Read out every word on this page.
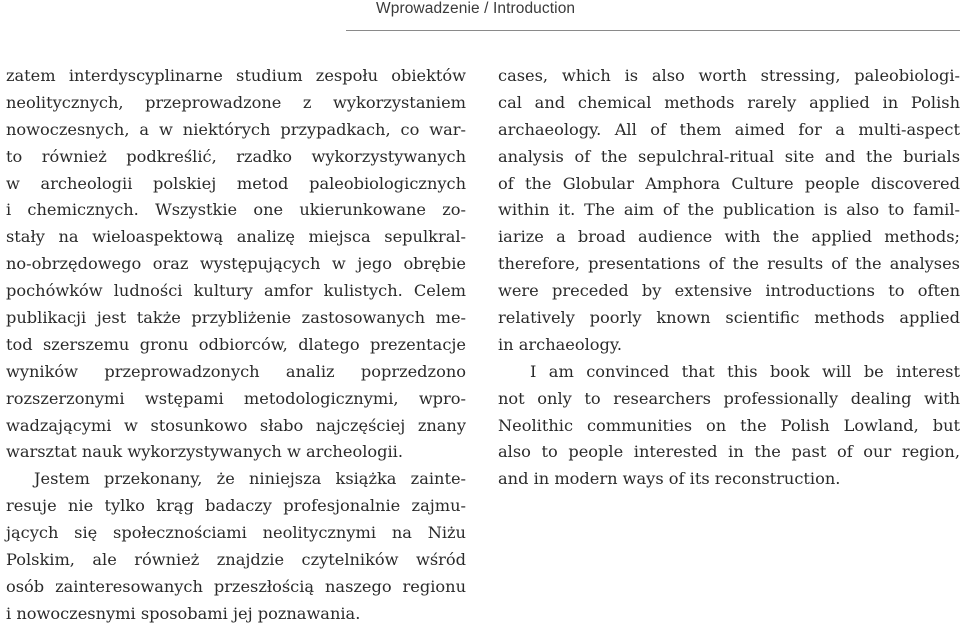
Wprowadzenie / Introduction
zatem interdyscyplinarne studium zespołu obiektów
neolitycznych, przeprowadzone z wykorzystaniem
nowoczesnych, a w niektórych przypadkach, co war-
to również podkreślić, rzadko wykorzystywanych
w archeologii polskiej metod paleobiologicznych
i chemicznych. Wszystkie one ukierunkowane zo-
stały na wieloaspektową analizę miejsca sepulkral-
no-obrzędowego oraz występujących w jego obrębie
pochówków ludności kultury amfor kulistych. Celem
publikacji jest także przybliżenie zastosowanych me-
tod szerszemu gronu odbiorców, dlatego prezentacje
wyników przeprowadzonych analiz poprzedzono
rozszerzonymi wstępami metodologicznymi, wpro-
wadzającymi w stosunkowo słabo najczęściej znany
warsztat nauk wykorzystywanych w archeologii.
Jestem przekonany, że niniejsza książka zainte-
resuje nie tylko krąg badaczy profesjonalnie zajmu-
jących się społecznościami neolitycznymi na Niżu
Polskim, ale również znajdzie czytelników wśród
osób zainteresowanych przeszłością naszego regionu
i nowoczesnymi sposobami jej poznawania.
cases, which is also worth stressing, paleobiologi-
cal and chemical methods rarely applied in Polish
archaeology. All of them aimed for a multi-aspect
analysis of the sepulchral-ritual site and the burials
of the Globular Amphora Culture people discovered
within it. The aim of the publication is also to famil-
iarize a broad audience with the applied methods;
therefore, presentations of the results of the analyses
were preceded by extensive introductions to often
relatively poorly known scientific methods applied
in archaeology.
I am convinced that this book will be interest
not only to researchers professionally dealing with
Neolithic communities on the Polish Lowland, but
also to people interested in the past of our region,
and in modern ways of its reconstruction.
